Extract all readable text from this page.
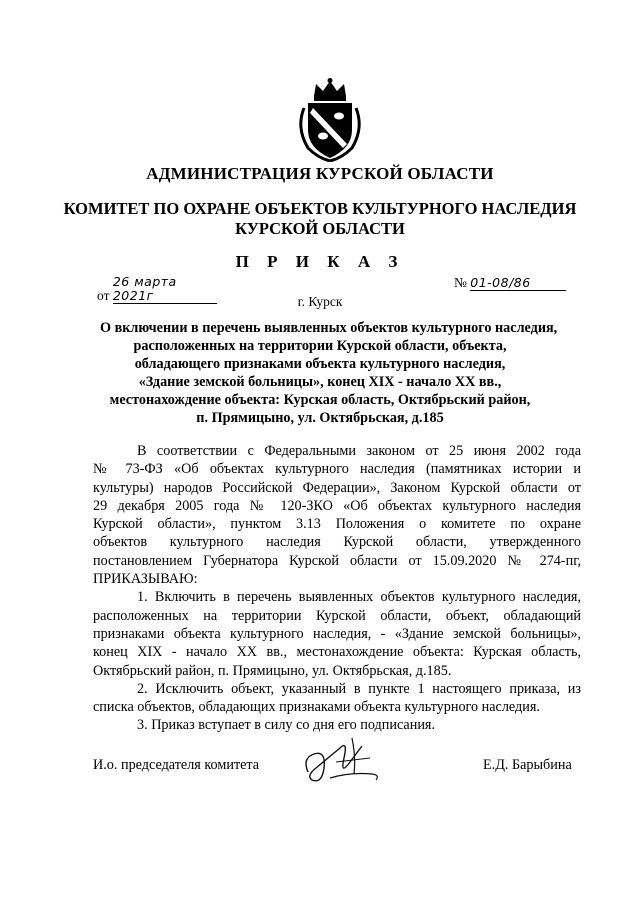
АДМИНИСТРАЦИЯ КУРСКОЙ ОБЛАСТИ
КОМИТЕТ ПО ОХРАНЕ ОБЪЕКТОВ КУЛЬТУРНОГО НАСЛЕДИЯ
КУРСКОЙ ОБЛАСТИ
П Р И К А З
от 26 марта 2021г
№ 01-08/86
г. Курск
О включении в перечень выявленных объектов культурного наследия,
расположенных на территории Курской области, объекта,
обладающего признаками объекта культурного наследия,
«Здание земской больницы», конец XIX - начало XX вв.,
местонахождение объекта: Курская область, Октябрьский район,
п. Прямицыно, ул. Октябрьская, д.185
В соответствии с Федеральными законом от 25 июня 2002 года
№ 73-ФЗ «Об объектах культурного наследия (памятниках истории и
культуры) народов Российской Федерации», Законом Курской области от
29 декабря 2005 года № 120-ЗКО «Об объектах культурного наследия
Курской области», пунктом 3.13 Положения о комитете по охране
объектов культурного наследия Курской области, утвержденного
постановлением Губернатора Курской области от 15.09.2020 № 274-пг,
ПРИКАЗЫВАЮ:
1. Включить в перечень выявленных объектов культурного наследия,
расположенных на территории Курской области, объект, обладающий
признаками объекта культурного наследия, - «Здание земской больницы»,
конец XIX - начало XX вв., местонахождение объекта: Курская область,
Октябрьский район, п. Прямицыно, ул. Октябрьская, д.185.
2. Исключить объект, указанный в пункте 1 настоящего приказа, из
списка объектов, обладающих признаками объекта культурного наследия.
3. Приказ вступает в силу со дня его подписания.
И.о. председателя комитета	Е.Д. Барыбина
